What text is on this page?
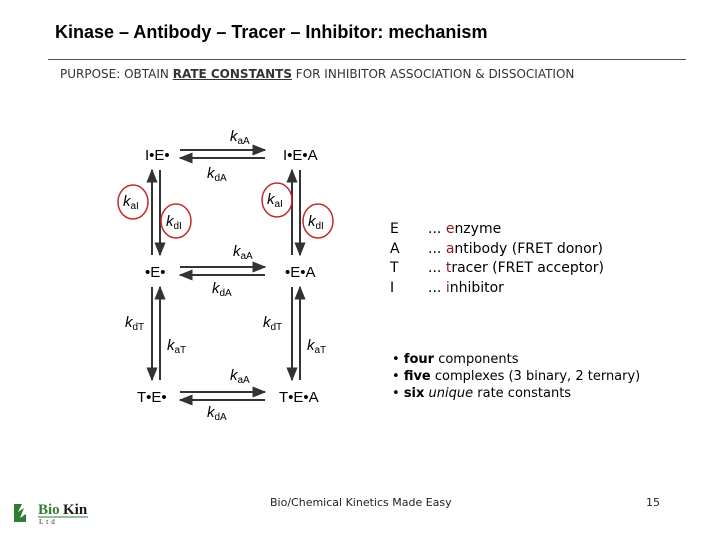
Kinase – Antibody – Tracer – Inhibitor: mechanism
PURPOSE: OBTAIN RATE CONSTANTS FOR INHIBITOR ASSOCIATION & DISSOCIATION
I•E•	I•E•A
•E•	•E•A
T•E•	T•E•A
$k_{aA}$
$k_{dA}$
$k_{aA}$
$k_{dA}$
$k_{aA}$
$k_{dA}$
$k_{aI}$
$k_{dI}$
$k_{aI}$
$k_{dI}$
$k_{dT}$
$k_{aT}$
$k_{dT}$
$k_{aT}$
E ... enzyme
A ... antibody (FRET donor)
T ... tracer (FRET acceptor)
I ... inhibitor
• four components
• five complexes (3 binary, 2 ternary)
• six unique rate constants
Bio/Chemical Kinetics Made Easy	15
Bio Kin
Ltd
